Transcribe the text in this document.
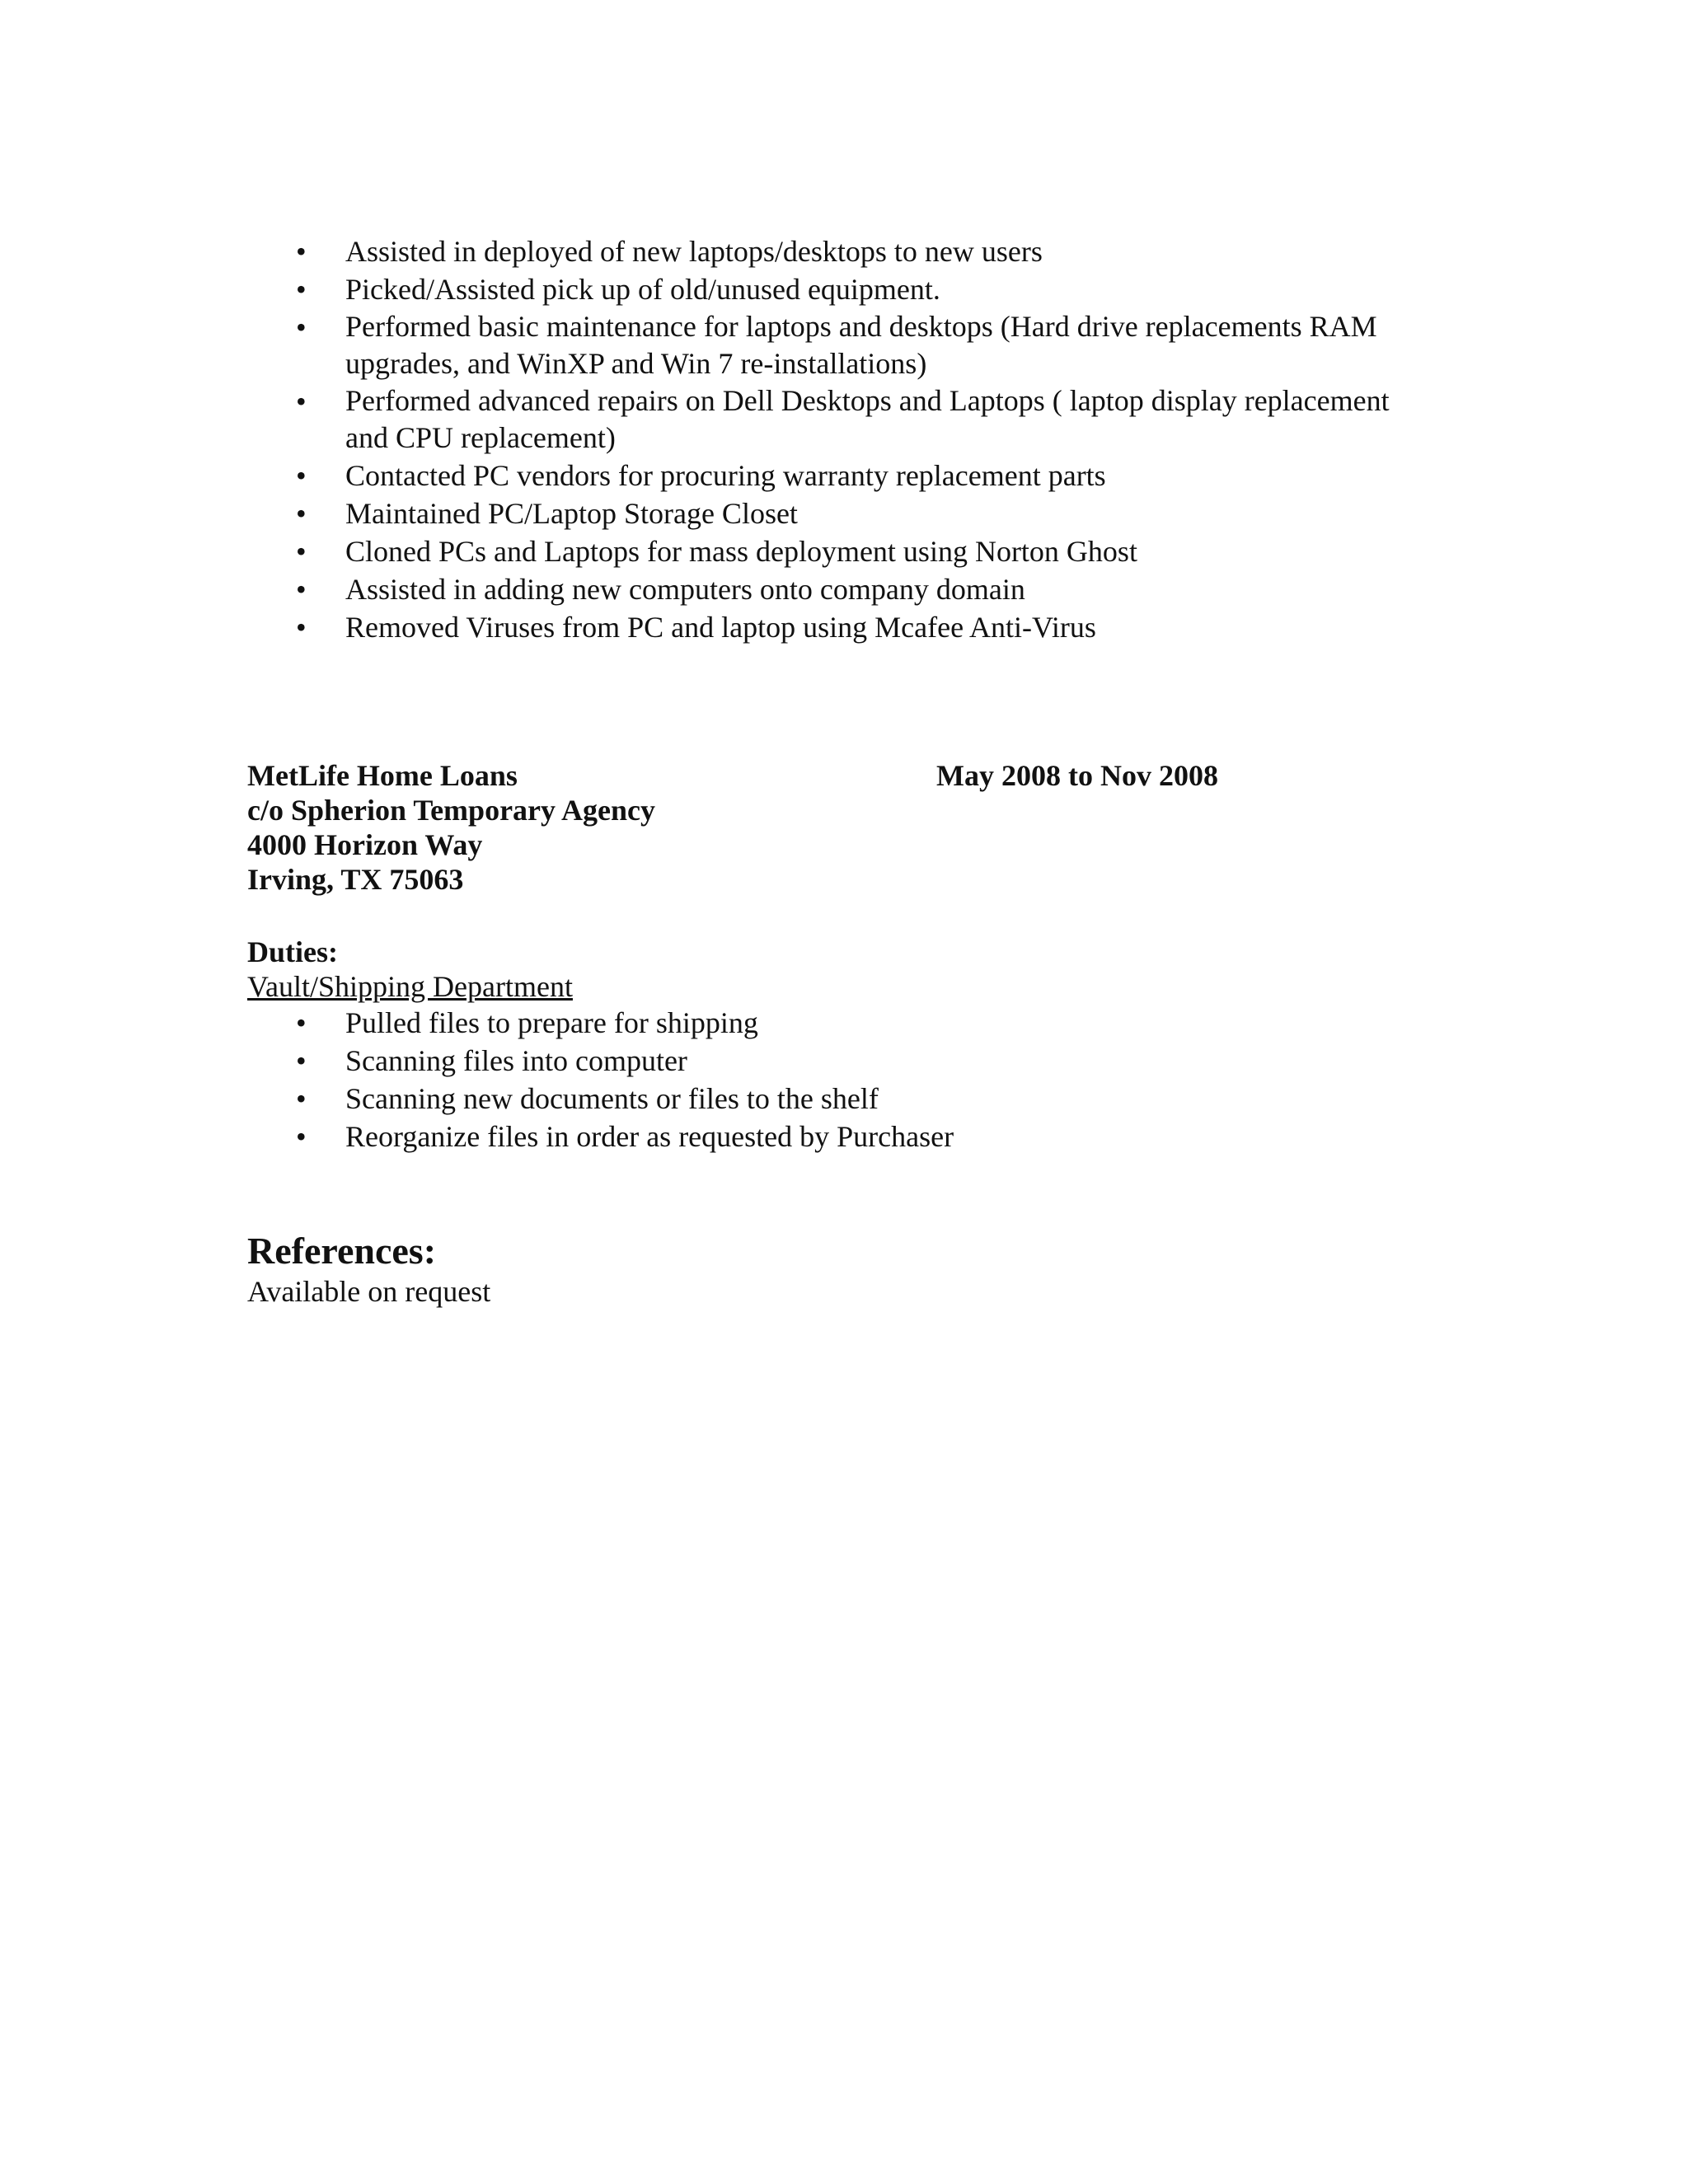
• Assisted in deployed of new laptops/desktops to new users
• Picked/Assisted pick up of old/unused equipment.
• Performed basic maintenance for laptops and desktops (Hard drive replacements RAM upgrades, and WinXP and Win 7 re-installations)
• Performed advanced repairs on Dell Desktops and Laptops ( laptop display replacement and CPU replacement)
• Contacted PC vendors for procuring warranty replacement parts
• Maintained PC/Laptop Storage Closet
• Cloned PCs and Laptops for mass deployment using Norton Ghost
• Assisted in adding new computers onto company domain
• Removed Viruses from PC and laptop using Mcafee Anti-Virus
MetLife Home Loans
c/o Spherion Temporary Agency
4000 Horizon Way
Irving, TX 75063
May 2008 to Nov 2008
Duties:
Vault/Shipping Department
• Pulled files to prepare for shipping
• Scanning files into computer
• Scanning new documents or files to the shelf
• Reorganize files in order as requested by Purchaser
References:
Available on request
